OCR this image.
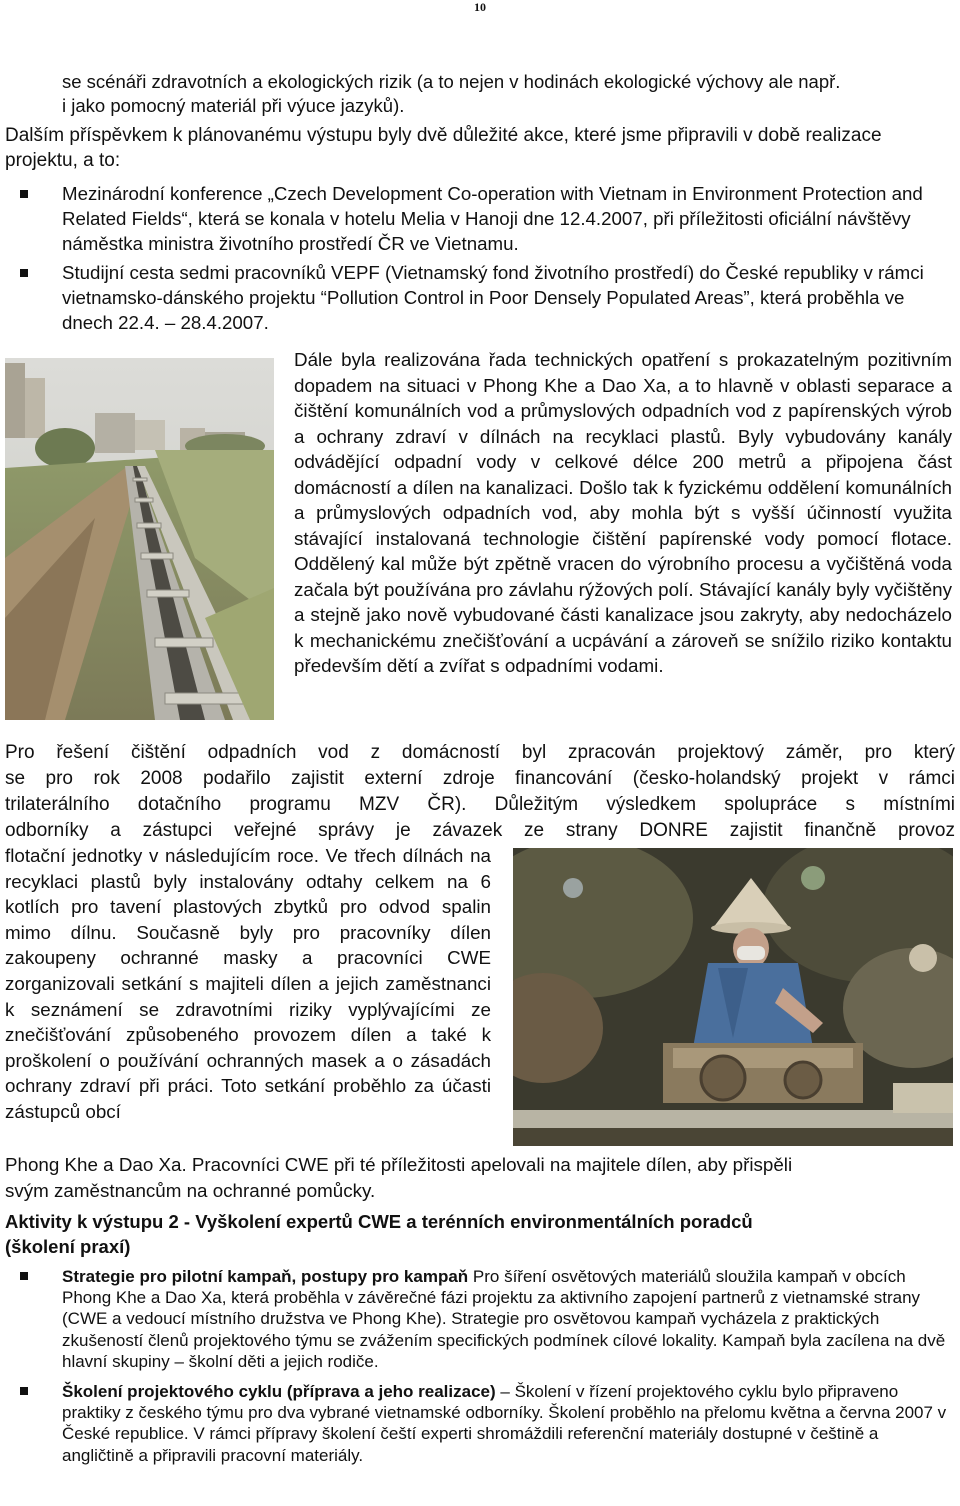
10
se scénáři zdravotních a ekologických rizik (a to nejen v hodinách ekologické výchovy ale např.
i jako pomocný materiál při výuce jazyků).

Dalším příspěvkem k plánovanému výstupu byly dvě důležité akce, které jsme připravili v době realizace projektu, a to:

Mezinárodní konference „Czech Development Co-operation with Vietnam in Environment Protection and Related Fields“, která se konala v hotelu Melia v Hanoji dne 12.4.2007, při příležitosti oficiální návštěvy náměstka ministra životního prostředí ČR ve Vietnamu.
Studijní cesta sedmi pracovníků VEPF (Vietnamský fond životního prostředí) do České republiky v rámci vietnamsko-dánského projektu “Pollution Control in Poor Densely Populated Areas”, která proběhla ve dnech 22.4. – 28.4.2007.

Dále byla realizována řada technických opatření s prokazatelným pozitivním dopadem na situaci v Phong Khe a Dao Xa, a to hlavně v oblasti separace a čištění komunálních vod a průmyslových odpadních vod z papírenských výrob a ochrany zdraví v dílnách na recyklaci plastů. Byly vybudovány kanály odvádějící odpadní vody v celkové délce 200 metrů a připojena část domácností a dílen na kanalizaci. Došlo tak k fyzickému oddělení komunálních a průmyslových odpadních vod, aby mohla být s vyšší účinností využita stávající instalovaná technologie čištění papírenské vody pomocí flotace. Oddělený kal může být zpětně vracen do výrobního procesu a vyčištěná voda začala být používána pro závlahu rýžových polí. Stávající kanály byly vyčištěny a stejně jako nově vybudované části kanalizace jsou zakryty, aby nedocházelo k mechanickému znečišťování a ucpávání a zároveň se snížilo riziko kontaktu především dětí a zvířat s odpadními vodami.

Pro řešení čištění odpadních vod z domácností byl zpracován projektový záměr, pro který
se pro rok 2008 podařilo zajistit externí zdroje financování (česko-holandský projekt v rámci
trilaterálního dotačního programu MZV ČR). Důležitým výsledkem spolupráce s místními
odborníky a zástupci veřejné správy je závazek ze strany DONRE zajistit finančně provoz

flotační jednotky v následujícím roce. Ve třech dílnách na recyklaci plastů byly instalovány odtahy celkem na 6 kotlích pro tavení plastových zbytků pro odvod spalin mimo dílnu. Současně byly pro pracovníky dílen zakoupeny ochranné masky a pracovníci CWE zorganizovali setkání s majiteli dílen a jejich zaměstnanci k seznámení se zdravotními riziky vyplývajícími ze znečišťování způsobeného provozem dílen a také k proškolení o používání ochranných masek a o zásadách ochrany zdraví při práci. Toto setkání proběhlo za účasti zástupců obcí

Phong Khe a Dao Xa. Pracovníci CWE při té příležitosti apelovali na majitele dílen, aby přispěli
svým zaměstnancům na ochranné pomůcky.
Aktivity k výstupu 2 - Vyškolení expertů CWE a terénních environmentálních poradců
(školení praxí)
Strategie pro pilotní kampaň, postupy pro kampaň Pro šíření osvětových materiálů sloužila kampaň v obcích Phong Khe a Dao Xa, která proběhla v závěrečné fázi projektu za aktivního zapojení partnerů z vietnamské strany (CWE a vedoucí místního družstva ve Phong Khe). Strategie pro osvětovou kampaň vycházela z praktických zkušeností členů projektového týmu se zvážením specifických podmínek cílové lokality. Kampaň byla zacílena na dvě hlavní skupiny – školní děti a jejich rodiče.
Školení projektového cyklu (příprava a jeho realizace) – Školení v řízení projektového cyklu bylo připraveno praktiky z českého týmu pro dva vybrané vietnamské odborníky. Školení proběhlo na přelomu května a června 2007 v České republice. V rámci přípravy školení čeští experti shromáždili referenční materiály dostupné v češtině a angličtině a připravili pracovní materiály.
